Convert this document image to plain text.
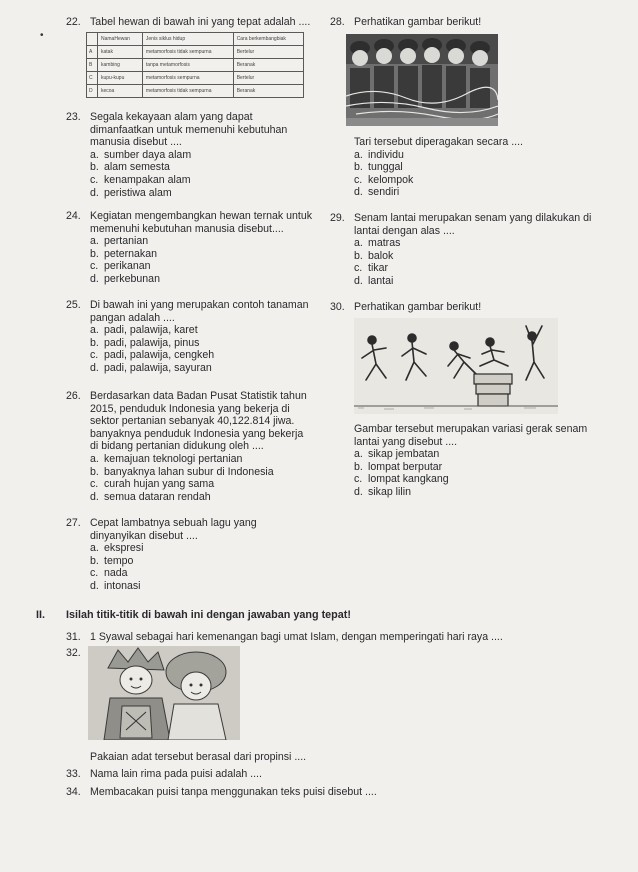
•
22. Tabel hewan di bawah ini yang tepat adalah ....
	NamaHewan	Jenis siklus hidup	Cara berkembangbiak
A	katak	metamorfosis tidak sempurna	Bertelur
B	kambing	tanpa metamorfosis	Beranak
C	kupu-kupu	metamorfosis sempurna	Bertelur
D	kecoa	metamorfosis tidak sempurna	Beranak
23. Segala kekayaan alam yang dapat dimanfaatkan untuk memenuhi kebutuhan manusia disebut ....
a. sumber daya alam
b. alam semesta
c. kenampakan alam
d. peristiwa alam
24. Kegiatan mengembangkan hewan ternak untuk memenuhi kebutuhan manusia disebut....
a. pertanian
b. peternakan
c. perikanan
d. perkebunan
25. Di bawah ini yang merupakan contoh tanaman pangan adalah ....
a. padi, palawija, karet
b. padi, palawija, pinus
c. padi, palawija, cengkeh
d. padi, palawija, sayuran
26. Berdasarkan data Badan Pusat Statistik tahun 2015, penduduk Indonesia yang bekerja di sektor pertanian sebanyak 40,122.814 jiwa. banyaknya penduduk Indonesia yang bekerja di bidang pertanian didukung oleh ....
a. kemajuan teknologi pertanian
b. banyaknya lahan subur di Indonesia
c. curah hujan yang sama
d. semua dataran rendah
27. Cepat lambatnya sebuah lagu yang dinyanyikan disebut ....
a. ekspresi
b. tempo
c. nada
d. intonasi
28. Perhatikan gambar berikut!
Tari tersebut diperagakan secara ....
a. individu
b. tunggal
c. kelompok
d. sendiri
29. Senam lantai merupakan senam yang dilakukan di lantai dengan alas ....
a. matras
b. balok
c. tikar
d. lantai
30. Perhatikan gambar berikut!
Gambar tersebut merupakan variasi gerak senam lantai yang disebut ....
a. sikap jembatan
b. lompat berputar
c. lompat kangkang
d. sikap lilin
II. Isilah titik-titik di bawah ini dengan jawaban yang tepat!
31. 1 Syawal sebagai hari kemenangan bagi umat Islam, dengan memperingati hari raya ....
32.
Pakaian adat tersebut berasal dari propinsi ....
33. Nama lain rima pada puisi adalah ....
34. Membacakan puisi tanpa menggunakan teks puisi disebut ....
